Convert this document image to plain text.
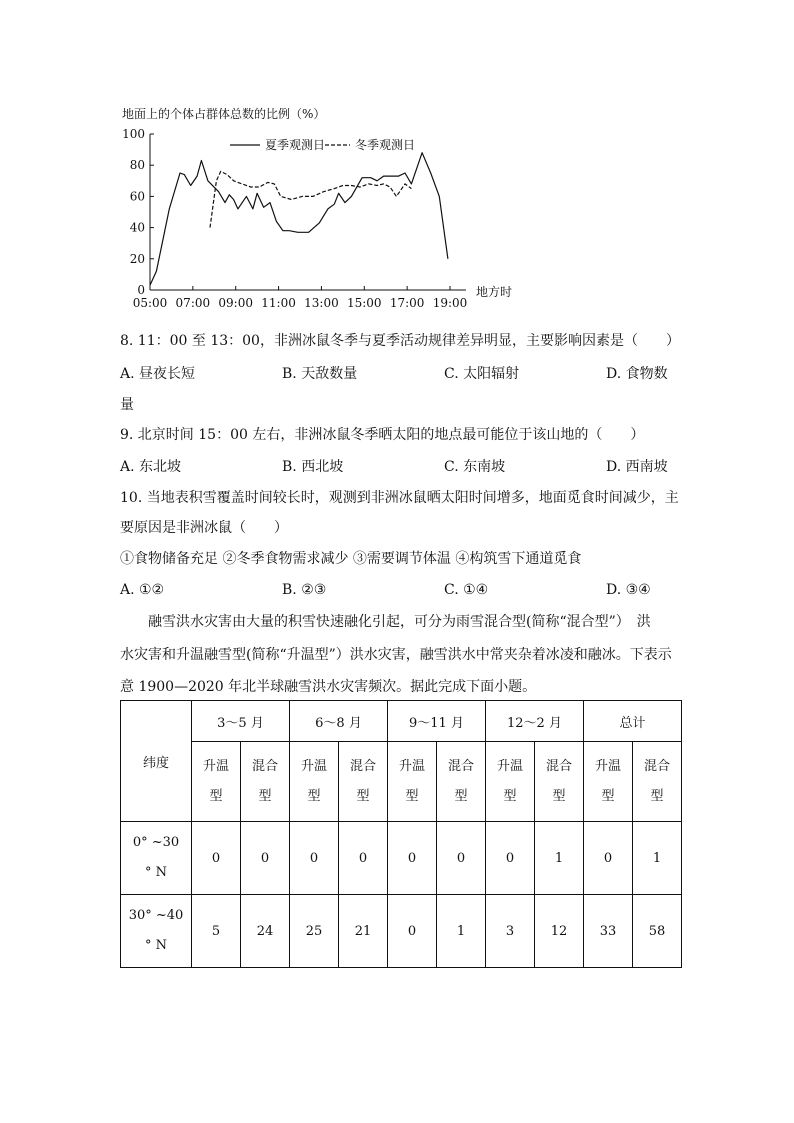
地面上的个体占群体总数的比例（%）
0
20
40
60
80
100
05:00 07:00 09:00 11:00 13:00 15:00 17:00 19:00
地方时
夏季观测日 冬季观测日
8. 11：00 至 13：00，非洲冰鼠冬季与夏季活动规律差异明显，主要影响因素是（　　）
A. 昼夜长短	B. 天敌数量	C. 太阳辐射	D. 食物数
量
9. 北京时间 15：00 左右，非洲冰鼠冬季晒太阳的地点最可能位于该山地的（　　）
A. 东北坡	B. 西北坡	C. 东南坡	D. 西南坡
10. 当地表积雪覆盖时间较长时，观测到非洲冰鼠晒太阳时间增多，地面觅食时间减少，主
要原因是非洲冰鼠（　　）
①食物储备充足 ②冬季食物需求减少 ③需要调节体温 ④构筑雪下通道觅食
A. ①②	B. ②③	C. ①④	D. ③④
融雪洪水灾害由大量的积雪快速融化引起，可分为雨雪混合型(简称“混合型”）　洪
水灾害和升温融雪型(简称“升温型”）洪水灾害，融雪洪水中常夹杂着冰凌和融冰。下表示
意 1900—2020 年北半球融雪洪水灾害频次。据此完成下面小题。
纬度	3～5 月		6～8 月		9～11 月		12～2 月		总计	
	升温型	混合型	升温型	混合型	升温型	混合型	升温型	混合型	升温型	混合型
0° ~30 ° N	0	0	0	0	0	0	0	1	0	1
30° ~40 ° N	5	24	25	21	0	1	3	12	33	58
